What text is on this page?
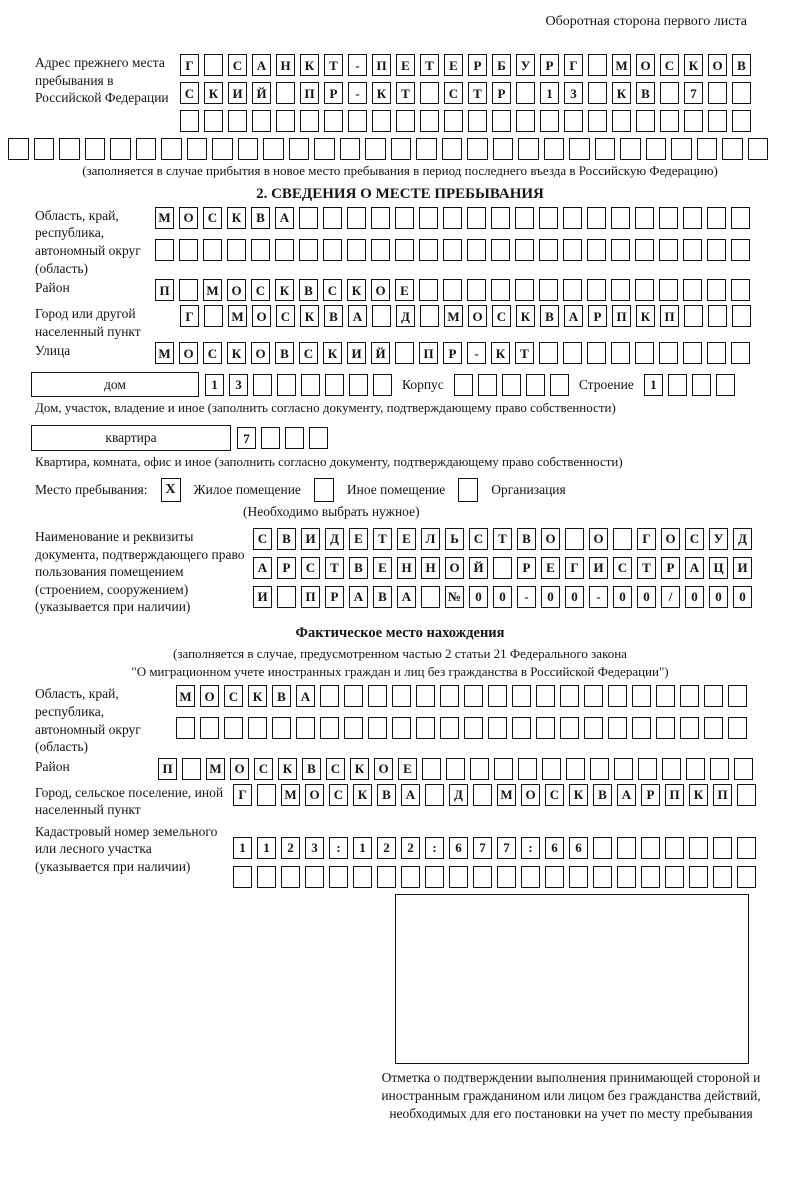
Оборотная сторона первого листа
Адрес прежнего места пребывания в Российской Федерации
Г	С	А	Н	К	Т	-	П	Е	Т	Е	Р	Б	У	Р	Г	М О	С	К	О	В
С	К	И	Й	П	Р	-	К	Т	С	Т	Р	1	3	К	В	7
(заполняется в случае прибытия в новое место пребывания в период последнего въезда в Российскую Федерацию)
2. СВЕДЕНИЯ О МЕСТЕ ПРЕБЫВАНИЯ
Область, край, республика, автономный округ (область)
М О	С	К	В	А
Район	П	М О	С	К	В	С	К	О	Е
Город или другой населенный пункт
Г	М О	С	К	В	А	Д	М О	С	К	В	А	Р	П	К	П
Улица	М О	С	К	О	В	С	К	И	Й	П	Р	-	К	Т
дом	1	3	Корпус	Строение	1
Дом, участок, владение и иное (заполнить согласно документу, подтверждающему право собственности)
квартира	7
Квартира, комната, офис и иное (заполнить согласно документу, подтверждающему право собственности)
Место пребывания:	X	Жилое помещение	Иное помещение	Организация
(Необходимо выбрать нужное)
Наименование и реквизиты документа, подтверждающего право пользования помещением (строением, сооружением) (указывается при наличии)
С	В	И	Д	Е	Т	Е	Л	Ь	С	Т	В	О	О	Г	О	С	У	Д
А	Р	С	Т	В	Е	Н	Н	О	Й	Р	Е	Г	И	С	Т	Р	А	Ц	И
И	П	Р	А	В	А	№	0	0	-	0	0	-	0	0	/	0	0	0
Фактическое место нахождения
(заполняется в случае, предусмотренном частью 2 статьи 21 Федерального закона
"О миграционном учете иностранных граждан и лиц без гражданства в Российской Федерации")
Область, край, республика, автономный округ (область)
М О	С	К	В	А
Район	П	М О	С	К	В	С	К	О	Е
Город, сельское поселение, иной населенный пункт
Г	М О	С	К	В	А	Д	М О	С	К	В	А	Р	П	К	П
Кадастровый номер земельного или лесного участка (указывается при наличии)
1	1	2	3	:	1	2	2	:	6	7	7	:	6	6
Отметка о подтверждении выполнения принимающей стороной и иностранным гражданином или лицом без гражданства действий, необходимых для его постановки на учет по месту пребывания
